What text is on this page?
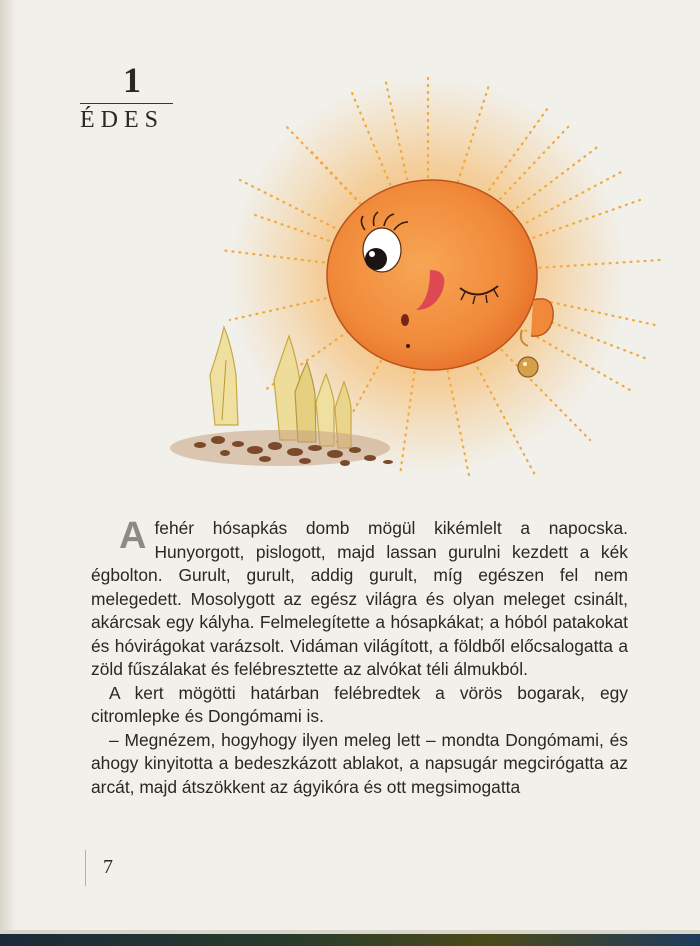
1
ÉDES

A fehér hósapkás domb mögül kikémlelt a napocska. Hunyorgott, pislogott, majd lassan gurulni kezdett a kék égbolton. Gurult, gurult, addig gurult, míg egészen fel nem melegedett. Mosolygott az egész világra és olyan meleget csinált, akárcsak egy kályha. Felmelegítette a hósapkákat; a hóból patakokat és hóvirágokat varázsolt. Vidáman világított, a földből előcsalogatta a zöld fűszálakat és felébresztette az alvókat téli álmukból.

A kert mögötti határban felébredtek a vörös bogarak, egy citromlepke és Dongómami is.

– Megnézem, hogyhogy ilyen meleg lett – mondta Dongómami, és ahogy kinyitotta a bedeszkázott ablakot, a napsugár megcirógatta az arcát, majd átszökkent az ágyikóra és ott megsimogatta

7
